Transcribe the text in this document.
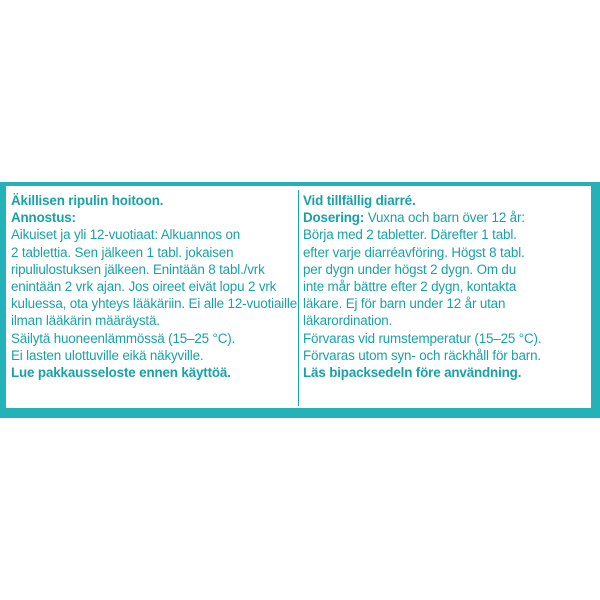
Äkillisen ripulin hoitoon.
Annostus:
Aikuiset ja yli 12-vuotiaat: Alkuannos on
2 tablettia. Sen jälkeen 1 tabl. jokaisen
ripuliulostuksen jälkeen. Enintään 8 tabl./vrk
enintään 2 vrk ajan. Jos oireet eivät lopu 2 vrk
kuluessa, ota yhteys lääkäriin. Ei alle 12-vuotiaille
ilman lääkärin määräystä.
Säilytä huoneenlämmössä (15–25 °C).
Ei lasten ulottuville eikä näkyville.
Lue pakkausseloste ennen käyttöä.
Vid tillfällig diarré.
Dosering: Vuxna och barn över 12 år:
Börja med 2 tabletter. Därefter 1 tabl.
efter varje diarréavföring. Högst 8 tabl.
per dygn under högst 2 dygn. Om du
inte mår bättre efter 2 dygn, kontakta
läkare. Ej för barn under 12 år utan
läkarordination.
Förvaras vid rumstemperatur (15–25 °C).
Förvaras utom syn- och räckhåll för barn.
Läs bipacksedeln före användning.
